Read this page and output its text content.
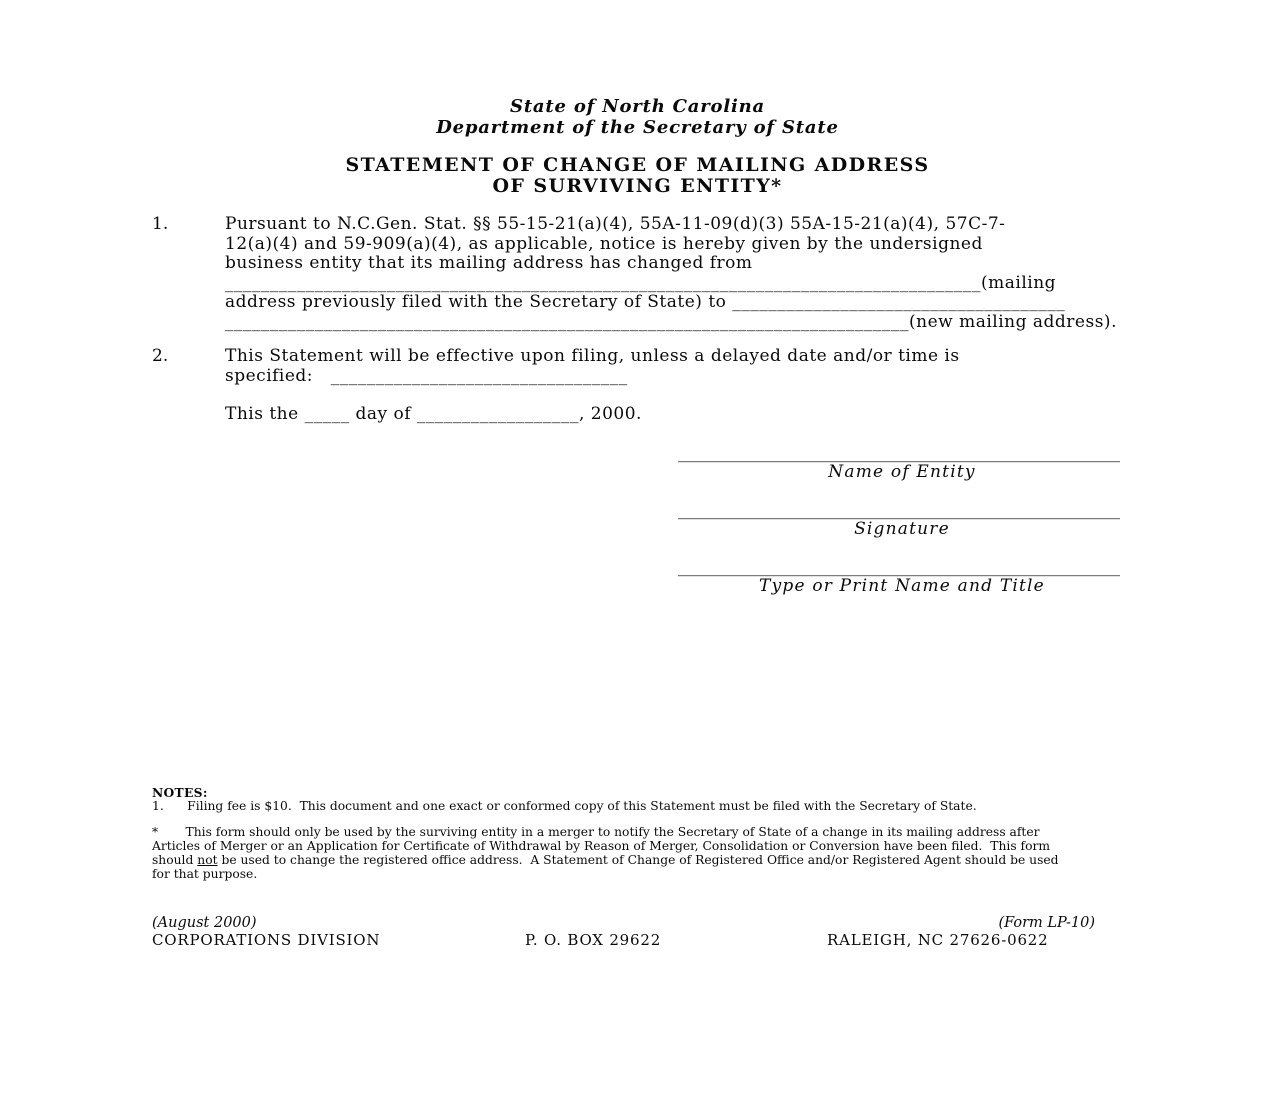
State of North Carolina
Department of the Secretary of State
STATEMENT OF CHANGE OF MAILING ADDRESS
OF SURVIVING ENTITY*
1.	Pursuant to N.C.Gen. Stat. §§ 55-15-21(a)(4), 55A-11-09(d)(3) 55A-15-21(a)(4), 57C-7-
12(a)(4) and 59-909(a)(4), as applicable, notice is hereby given by the undersigned
business entity that its mailing address has changed from
____________________________________________________________________________________(mailing
address previously filed with the Secretary of State) to _____________________________________
____________________________________________________________________________(new mailing address).
2.	This Statement will be effective upon filing, unless a delayed date and/or time is
specified:   _________________________________
This the _____ day of __________________, 2000.
____________________________________________________
Name of Entity
____________________________________________________
Signature
____________________________________________________
Type or Print Name and Title
NOTES:
1.      Filing fee is $10.  This document and one exact or conformed copy of this Statement must be filed with the Secretary of State.
*       This form should only be used by the surviving entity in a merger to notify the Secretary of State of a change in its mailing address after
Articles of Merger or an Application for Certificate of Withdrawal by Reason of Merger, Consolidation or Conversion have been filed.  This form
should not be used to change the registered office address.  A Statement of Change of Registered Office and/or Registered Agent should be used
for that purpose.
(August 2000)	(Form LP-10)
CORPORATIONS DIVISION	P. O. BOX 29622	RALEIGH, NC 27626-0622
